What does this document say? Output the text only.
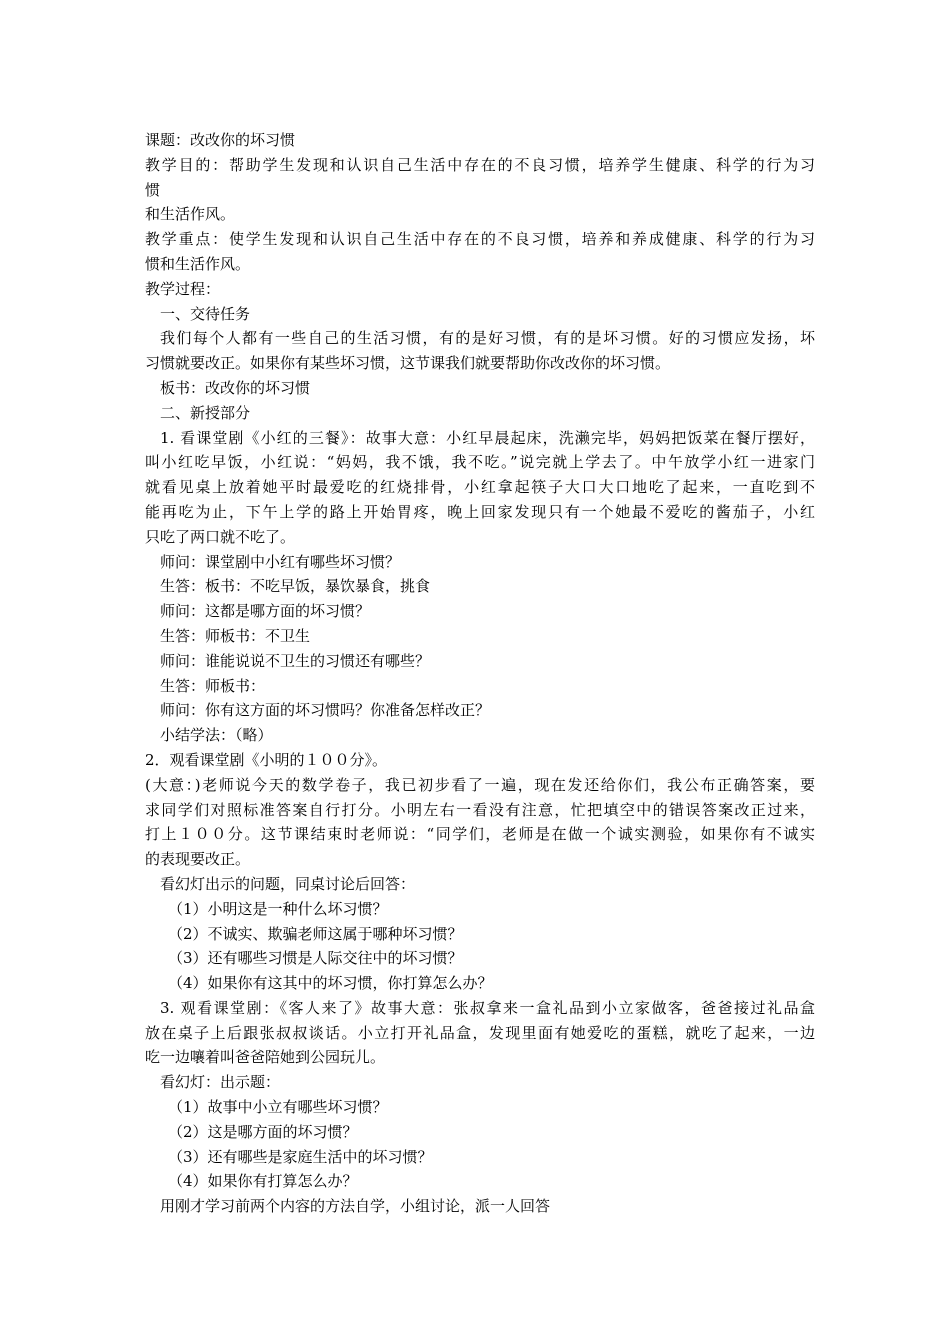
课题：改改你的坏习惯

教学目的：帮助学生发现和认识自己生活中存在的不良习惯，培养学生健康、科学的行为习

惯

和生活作风。

教学重点：使学生发现和认识自己生活中存在的不良习惯，培养和养成健康、科学的行为习

惯和生活作风。

教学过程：

一、交待任务

我们每个人都有一些自己的生活习惯，有的是好习惯，有的是坏习惯。好的习惯应发扬，坏

习惯就要改正。如果你有某些坏习惯，这节课我们就要帮助你改改你的坏习惯。

板书：改改你的坏习惯

二、新授部分

1. 看课堂剧《小红的三餐》：故事大意：小红早晨起床，洗濑完毕，妈妈把饭菜在餐厅摆好，

叫小红吃早饭，小红说：“妈妈，我不饿，我不吃。”说完就上学去了。中午放学小红一进家门

就看见桌上放着她平时最爱吃的红烧排骨，小红拿起筷子大口大口地吃了起来，一直吃到不

能再吃为止，下午上学的路上开始胃疼，晚上回家发现只有一个她最不爱吃的酱茄子，小红

只吃了两口就不吃了。

师问：课堂剧中小红有哪些坏习惯？

生答：板书：不吃早饭，暴饮暴食，挑食

师问：这都是哪方面的坏习惯？

生答：师板书：不卫生

师问：谁能说说不卫生的习惯还有哪些？

生答：师板书：

师问：你有这方面的坏习惯吗？你准备怎样改正？

小结学法：（略）

2．观看课堂剧《小明的１００分》。

(大意：)老师说今天的数学卷子，我已初步看了一遍，现在发还给你们，我公布正确答案，要

求同学们对照标准答案自行打分。小明左右一看没有注意，忙把填空中的错误答案改正过来，

打上１００分。这节课结束时老师说：“同学们，老师是在做一个诚实测验，如果你有不诚实

的表现要改正。

看幻灯出示的问题，同桌讨论后回答：

（1）小明这是一种什么坏习惯？

（2）不诚实、欺骗老师这属于哪种坏习惯？

（3）还有哪些习惯是人际交往中的坏习惯？

（4）如果你有这其中的坏习惯，你打算怎么办？

3. 观看课堂剧：《客人来了》故事大意：张叔拿来一盒礼品到小立家做客，爸爸接过礼品盒

放在桌子上后跟张叔叔谈话。小立打开礼品盒，发现里面有她爱吃的蛋糕，就吃了起来，一边

吃一边嚷着叫爸爸陪她到公园玩儿。

看幻灯：出示题：

（1）故事中小立有哪些坏习惯？

（2）这是哪方面的坏习惯？

（3）还有哪些是家庭生活中的坏习惯？

（4）如果你有打算怎么办？

用刚才学习前两个内容的方法自学，小组讨论，派一人回答
